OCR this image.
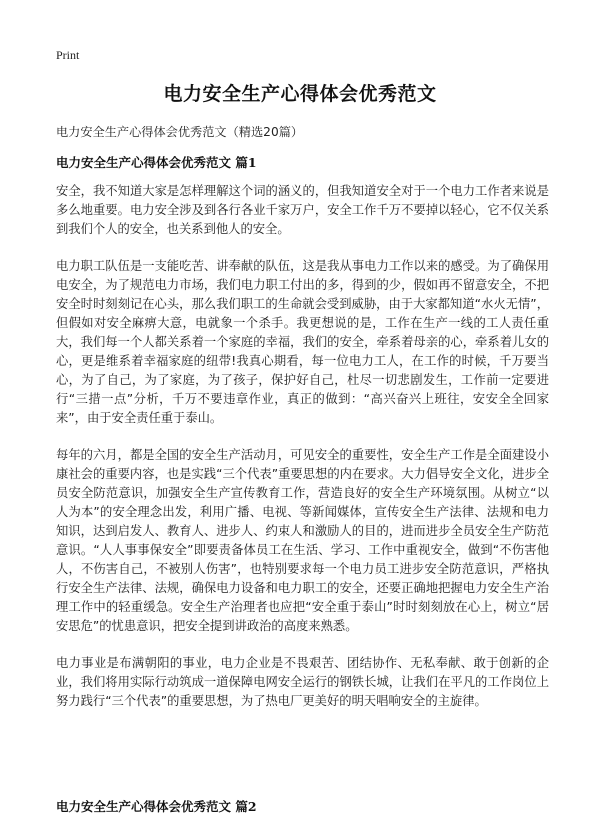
Print
电力安全生产心得体会优秀范文

电力安全生产心得体会优秀范文（精选20篇）

电力安全生产心得体会优秀范文 篇1

安全，我不知道大家是怎样理解这个词的涵义的，但我知道安全对于一个电力工作者来说是多么地重要。电力安全涉及到各行各业千家万户，安全工作千万不要掉以轻心，它不仅关系到我们个人的安全，也关系到他人的安全。

电力职工队伍是一支能吃苦、讲奉献的队伍，这是我从事电力工作以来的感受。为了确保用电安全，为了规范电力市场，我们电力职工付出的多，得到的少，假如再不留意安全，不把安全时时刻刻记在心头，那么我们职工的生命就会受到威胁，由于大家都知道“水火无情”，但假如对安全麻痹大意，电就象一个杀手。我更想说的是，工作在生产一线的工人责任重大，我们每一个人都关系着一个家庭的幸福，我们的安全，牵系着母亲的心，牵系着儿女的心，更是维系着幸福家庭的纽带!我真心期看，每一位电力工人，在工作的时候，千万要当心，为了自己，为了家庭，为了孩子，保护好自己，杜尽一切悲剧发生，工作前一定要进行“三措一点”分析，千万不要违章作业，真正的做到：“高兴奋兴上班往，安安全全回家来”，由于安全责任重于泰山。

每年的六月，都是全国的安全生产活动月，可见安全的重要性，安全生产工作是全面建设小康社会的重要内容，也是实践“三个代表”重要思想的内在要求。大力倡导安全文化，进步全员安全防范意识，加强安全生产宣传教育工作，营造良好的安全生产环境氛围。从树立“以人为本”的安全理念出发，利用广播、电视、等新闻媒体，宣传安全生产法律、法规和电力知识，达到启发人、教育人、进步人、约束人和激励人的目的，进而进步全员安全生产防范意识。“人人事事保安全”即要责备体员工在生活、学习、工作中重视安全，做到“不伤害他人，不伤害自己，不被别人伤害”，也特别要求每一个电力员工进步安全防范意识，严格执行安全生产法律、法规，确保电力设备和电力职工的安全，还要正确地把握电力安全生产治理工作中的轻重缓急。安全生产治理者也应把“安全重于泰山”时时刻刻放在心上，树立“居安思危”的忧患意识，把安全提到讲政治的高度来熟悉。

电力事业是布满朝阳的事业，电力企业是不畏艰苦、团结协作、无私奉献、敢于创新的企业，我们将用实际行动筑成一道保障电网安全运行的钢铁长城，让我们在平凡的工作岗位上努力践行“三个代表”的重要思想，为了热电厂更美好的明天唱响安全的主旋律。

电力安全生产心得体会优秀范文 篇2
